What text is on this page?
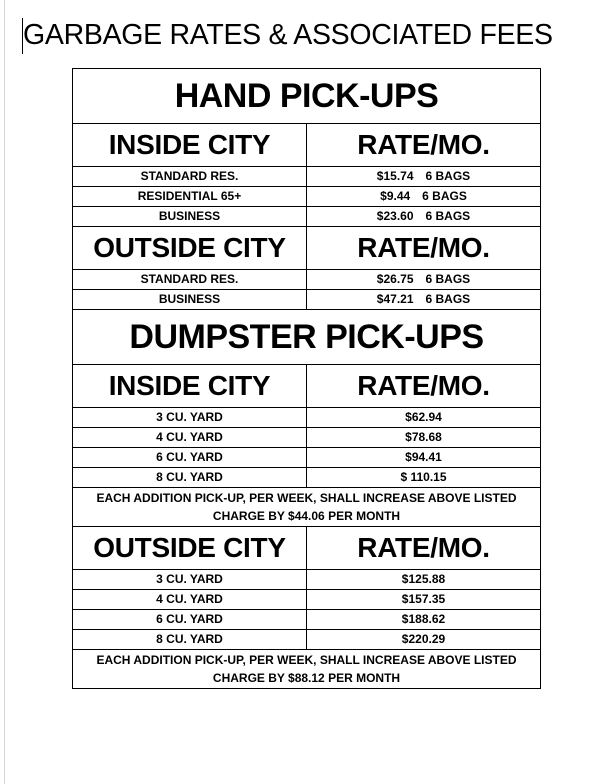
GARBAGE RATES & ASSOCIATED FEES
HAND PICK-UPS	
INSIDE CITY	RATE/MO.
STANDARD RES.	$15.74 6 BAGS
RESIDENTIAL 65+	$9.44 6 BAGS
BUSINESS	$23.60 6 BAGS
OUTSIDE CITY	RATE/MO.
STANDARD RES.	$26.75 6 BAGS
BUSINESS	$47.21 6 BAGS
DUMPSTER PICK-UPS	
INSIDE CITY	RATE/MO.
3 CU. YARD	$62.94
4 CU. YARD	$78.68
6 CU. YARD	$94.41
8 CU. YARD	$ 110.15

EACH ADDITION PICK-UP, PER WEEK, SHALL INCREASE ABOVE LISTED
CHARGE BY $44.06 PER MONTH	

OUTSIDE CITY	RATE/MO.
3 CU. YARD	$125.88
4 CU. YARD	$157.35
6 CU. YARD	$188.62
8 CU. YARD	$220.29

EACH ADDITION PICK-UP, PER WEEK, SHALL INCREASE ABOVE LISTED
CHARGE BY $88.12 PER MONTH	
